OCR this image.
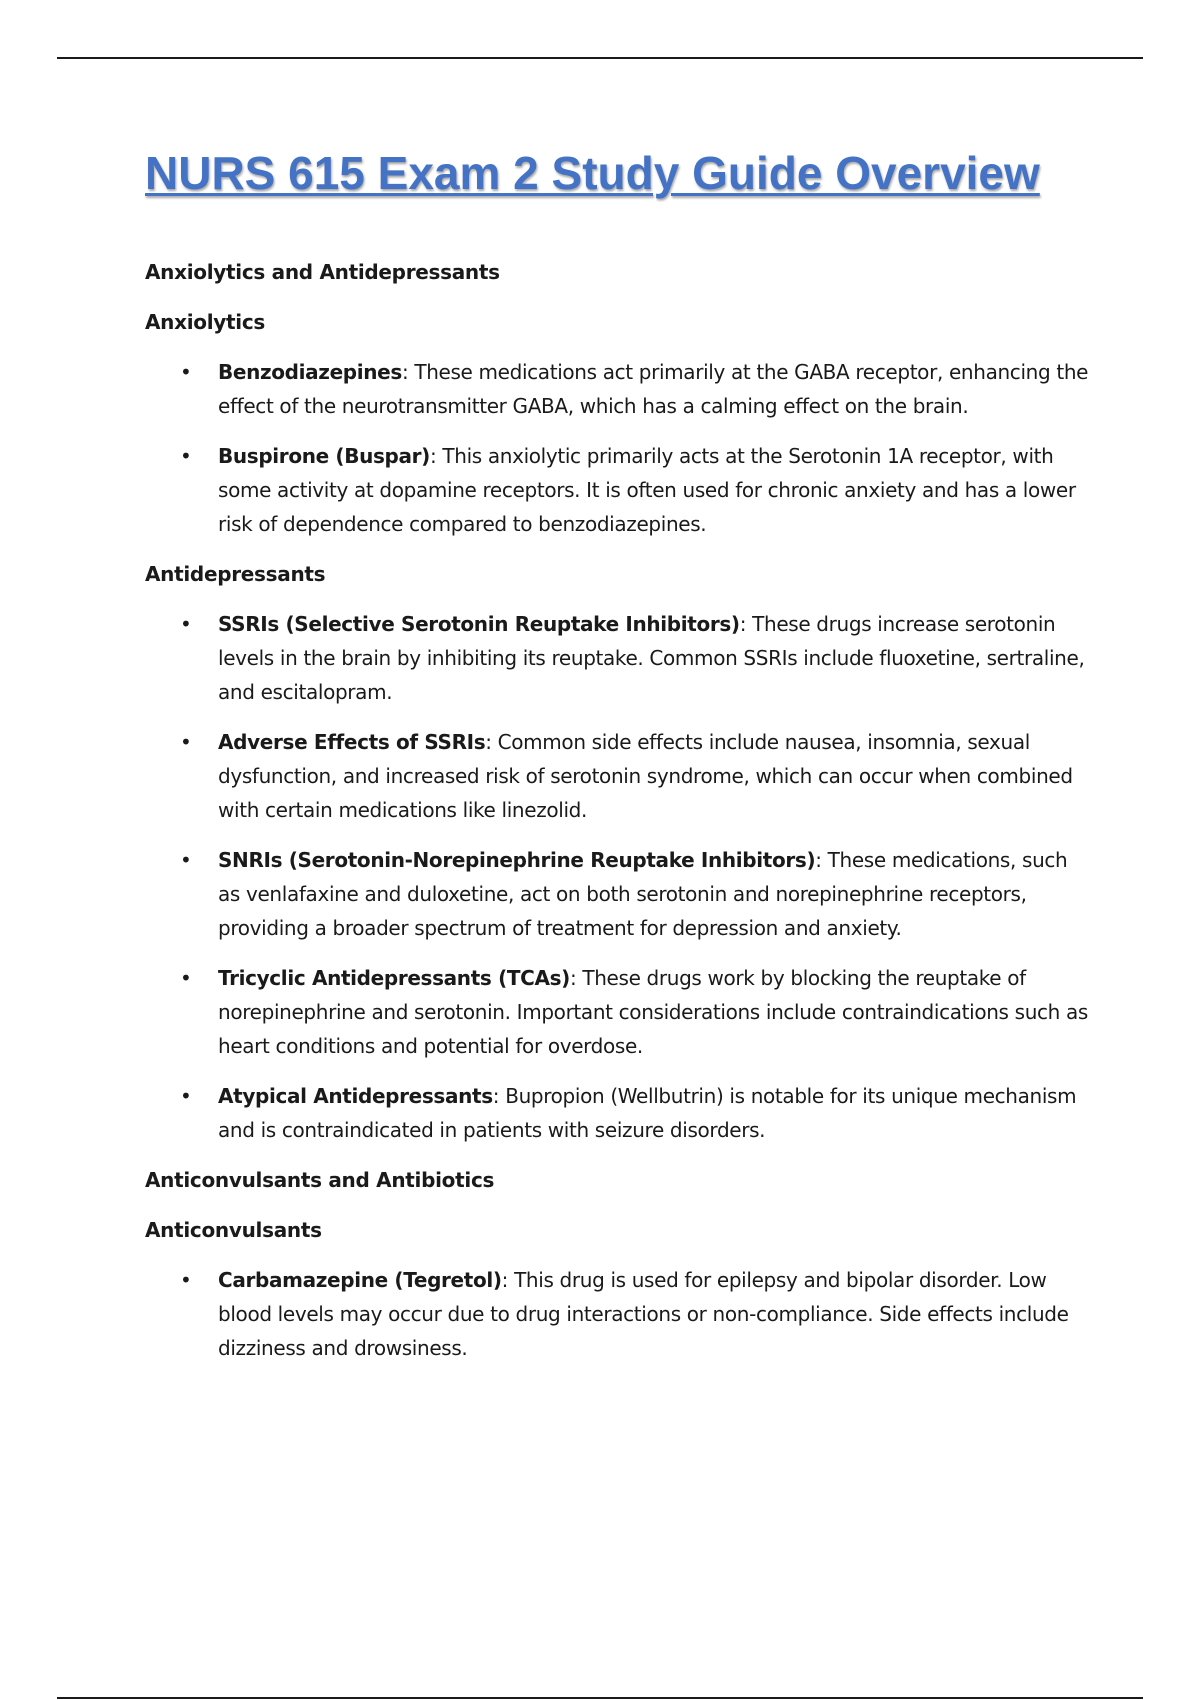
NURS 615 Exam 2 Study Guide Overview
Anxiolytics and Antidepressants
Anxiolytics
• Benzodiazepines: These medications act primarily at the GABA receptor, enhancing the effect of the neurotransmitter GABA, which has a calming effect on the brain.
• Buspirone (Buspar): This anxiolytic primarily acts at the Serotonin 1A receptor, with some activity at dopamine receptors. It is often used for chronic anxiety and has a lower risk of dependence compared to benzodiazepines.
Antidepressants
• SSRIs (Selective Serotonin Reuptake Inhibitors): These drugs increase serotonin levels in the brain by inhibiting its reuptake. Common SSRIs include fluoxetine, sertraline, and escitalopram.
• Adverse Effects of SSRIs: Common side effects include nausea, insomnia, sexual dysfunction, and increased risk of serotonin syndrome, which can occur when combined with certain medications like linezolid.
• SNRIs (Serotonin-Norepinephrine Reuptake Inhibitors): These medications, such as venlafaxine and duloxetine, act on both serotonin and norepinephrine receptors, providing a broader spectrum of treatment for depression and anxiety.
• Tricyclic Antidepressants (TCAs): These drugs work by blocking the reuptake of norepinephrine and serotonin. Important considerations include contraindications such as heart conditions and potential for overdose.
• Atypical Antidepressants: Bupropion (Wellbutrin) is notable for its unique mechanism and is contraindicated in patients with seizure disorders.
Anticonvulsants and Antibiotics
Anticonvulsants
• Carbamazepine (Tegretol): This drug is used for epilepsy and bipolar disorder. Low blood levels may occur due to drug interactions or non-compliance. Side effects include dizziness and drowsiness.
